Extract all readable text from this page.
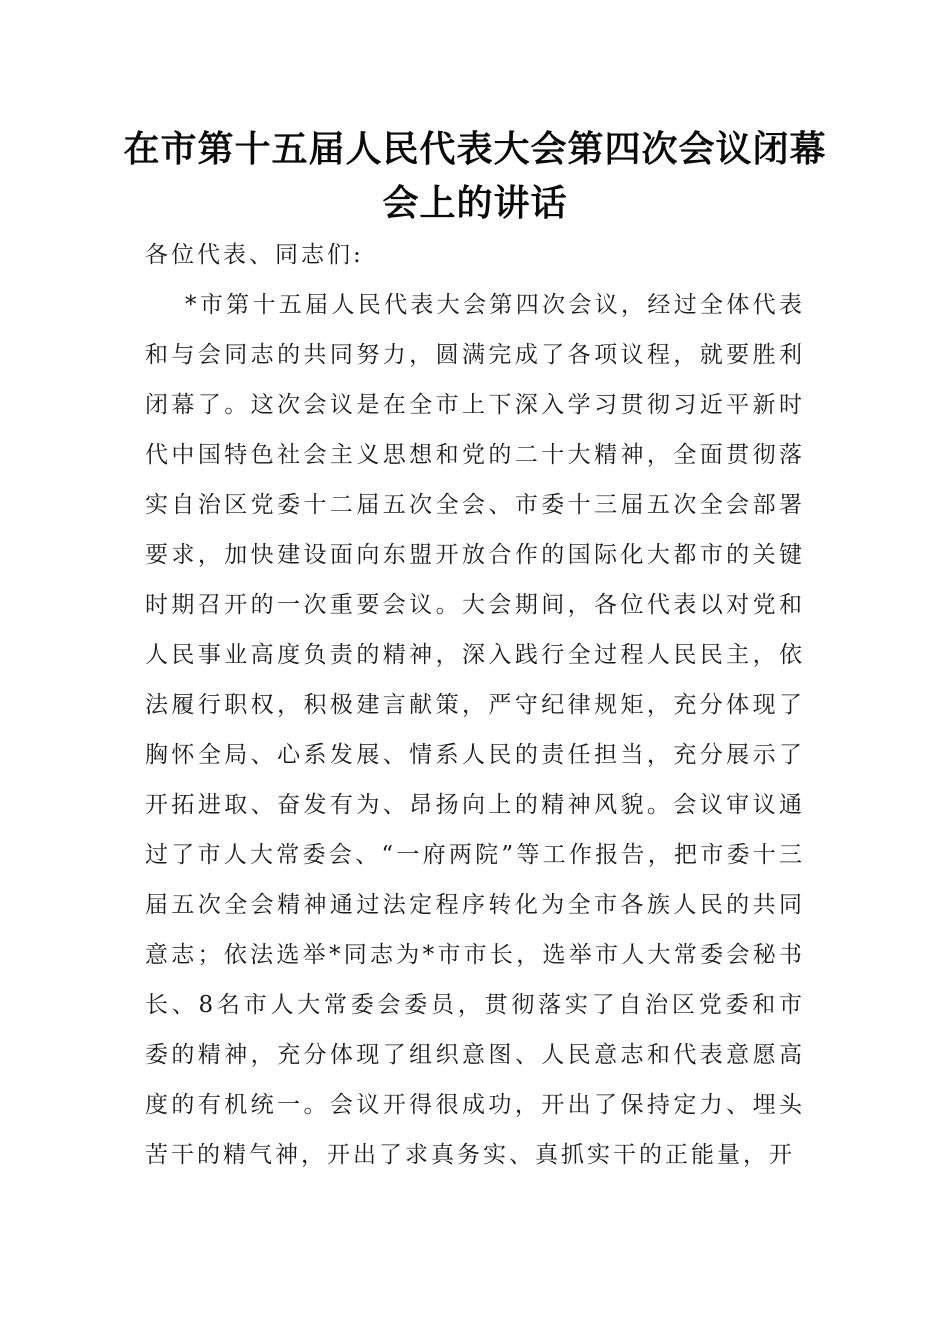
在市第十五届人民代表大会第四次会议闭幕会上的讲话

各位代表、同志们:

*市第十五届人民代表大会第四次会议，经过全体代表和与会同志的共同努力，圆满完成了各项议程，就要胜利闭幕了。这次会议是在全市上下深入学习贯彻习近平新时代中国特色社会主义思想和党的二十大精神，全面贯彻落实自治区党委十二届五次全会、市委十三届五次全会部署要求，加快建设面向东盟开放合作的国际化大都市的关键时期召开的一次重要会议。大会期间，各位代表以对党和人民事业高度负责的精神，深入践行全过程人民民主，依法履行职权，积极建言献策，严守纪律规矩，充分体现了胸怀全局、心系发展、情系人民的责任担当，充分展示了开拓进取、奋发有为、昂扬向上的精神风貌。会议审议通过了市人大常委会、“一府两院”等工作报告，把市委十三届五次全会精神通过法定程序转化为全市各族人民的共同意志；依法选举*同志为*市市长，选举市人大常委会秘书长、8名市人大常委会委员，贯彻落实了自治区党委和市委的精神，充分体现了组织意图、人民意志和代表意愿高度的有机统一。会议开得很成功，开出了保持定力、埋头苦干的精气神，开出了求真务实、真抓实干的正能量，开
